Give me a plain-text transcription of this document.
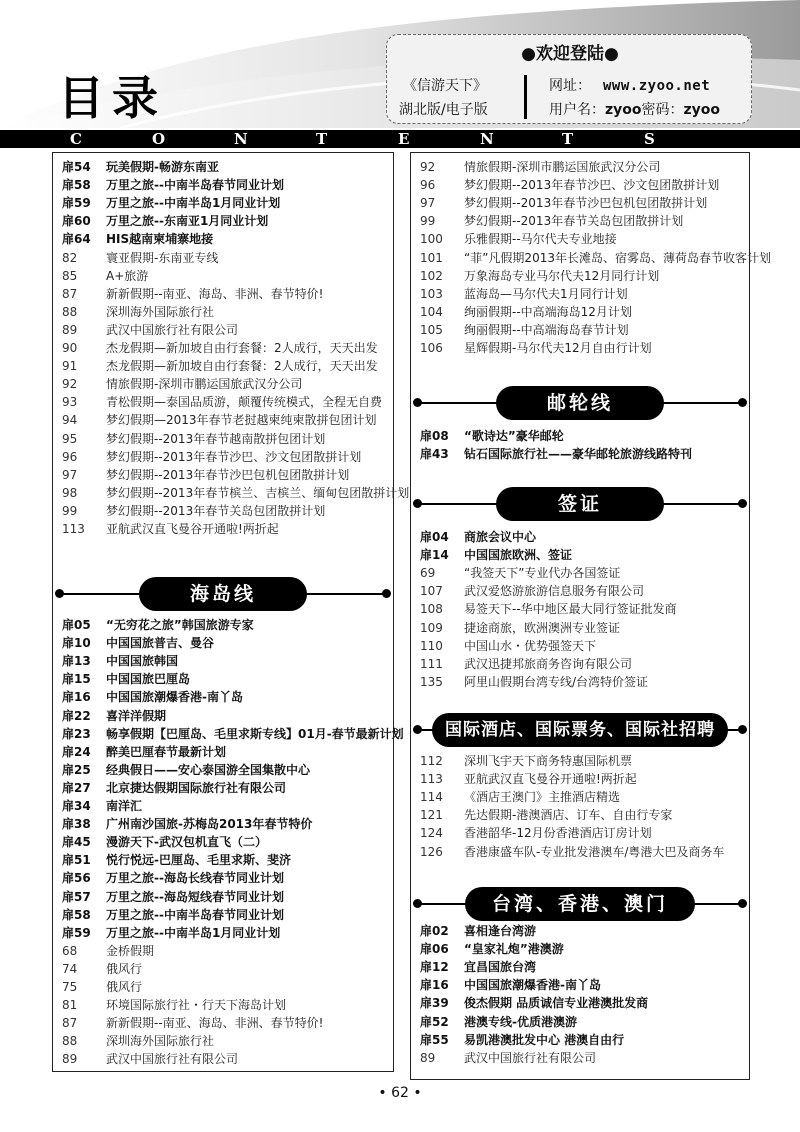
目录
●欢迎登陆●
《信游天下》
湖北版/电子版
网址： www.zyoo.net
用户名：zyoo密码：zyoo
C	O	N	T	E	N	T	S
扉54 玩美假期-畅游东南亚
扉58 万里之旅--中南半岛春节同业计划
扉59 万里之旅--中南半岛1月同业计划
扉60 万里之旅--东南亚1月同业计划
扉64 HIS越南柬埔寨地接
82 寰亚假期-东南亚专线
85 A+旅游
87 新新假期--南亚、海岛、非洲、春节特价!
88 深圳海外国际旅行社
89 武汉中国旅行社有限公司
90 杰龙假期—新加坡自由行套餐：2人成行，天天出发
91 杰龙假期—新加坡自由行套餐：2人成行，天天出发
92 情旅假期-深圳市鹏运国旅武汉分公司
93 青松假期—泰国品质游，颠覆传统模式，全程无自费
94 梦幻假期—2013年春节老挝越柬纯柬散拼包团计划
95 梦幻假期--2013年春节越南散拼包团计划
96 梦幻假期--2013年春节沙巴、沙文包团散拼计划
97 梦幻假期--2013年春节沙巴包机包团散拼计划
98 梦幻假期--2013年春节槟兰、吉槟兰、缅甸包团散拼计划
99 梦幻假期--2013年春节关岛包团散拼计划
113 亚航武汉直飞曼谷开通啦!两折起
海岛线
扉05 “无穷花之旅”韩国旅游专家
扉10 中国国旅普吉、曼谷
扉13 中国国旅韩国
扉15 中国国旅巴厘岛
扉16 中国国旅潮爆香港-南丫岛
扉22 喜洋洋假期
扉23 畅享假期【巴厘岛、毛里求斯专线】01月-春节最新计划
扉24 醉美巴厘春节最新计划
扉25 经典假日——安心泰国游全国集散中心
扉27 北京捷达假期国际旅行社有限公司
扉34 南洋汇
扉38 广州南沙国旅-苏梅岛2013年春节特价
扉45 漫游天下-武汉包机直飞（二）
扉51 悦行悦远-巴厘岛、毛里求斯、斐济
扉56 万里之旅--海岛长线春节同业计划
扉57 万里之旅--海岛短线春节同业计划
扉58 万里之旅--中南半岛春节同业计划
扉59 万里之旅--中南半岛1月同业计划
68 金桥假期
74 俄风行
75 俄风行
81 环境国际旅行社・行天下海岛计划
87 新新假期--南亚、海岛、非洲、春节特价!
88 深圳海外国际旅行社
89 武汉中国旅行社有限公司
92 情旅假期-深圳市鹏运国旅武汉分公司
96 梦幻假期--2013年春节沙巴、沙文包团散拼计划
97 梦幻假期--2013年春节沙巴包机包团散拼计划
99 梦幻假期--2013年春节关岛包团散拼计划
100 乐雅假期--马尔代夫专业地接
101 “菲”凡假期2013年长滩岛、宿雾岛、薄荷岛春节收客计划
102 万象海岛专业马尔代夫12月同行计划
103 蓝海岛—马尔代夫1月同行计划
104 绚丽假期--中高端海岛12月计划
105 绚丽假期--中高端海岛春节计划
106 星辉假期-马尔代夫12月自由行计划
邮轮线
扉08 “歌诗达”豪华邮轮
扉43 钻石国际旅行社——豪华邮轮旅游线路特刊
签证
扉04 商旅会议中心
扉14 中国国旅欧洲、签证
69 “我签天下”专业代办各国签证
107 武汉爱悠游旅游信息服务有限公司
108 易签天下--华中地区最大同行签证批发商
109 捷途商旅，欧洲澳洲专业签证
110 中国山水・优势强签天下
111 武汉迅捷邦旅商务咨询有限公司
135 阿里山假期台湾专线/台湾特价签证
国际酒店、国际票务、国际社招聘
112 深圳飞宇天下商务特惠国际机票
113 亚航武汉直飞曼谷开通啦!两折起
114 《酒店王澳门》主推酒店精选
121 先达假期-港澳酒店、订车、自由行专家
124 香港韶华-12月份香港酒店订房计划
126 香港康盛车队-专业批发港澳车/粤港大巴及商务车
台湾、香港、澳门
扉02 喜相逢台湾游
扉06 “皇家礼炮”港澳游
扉12 宜昌国旅台湾
扉16 中国国旅潮爆香港-南丫岛
扉39 俊杰假期 品质诚信专业港澳批发商
扉52 港澳专线-优质港澳游
扉55 易凯港澳批发中心 港澳自由行
89 武汉中国旅行社有限公司
• 62 •
